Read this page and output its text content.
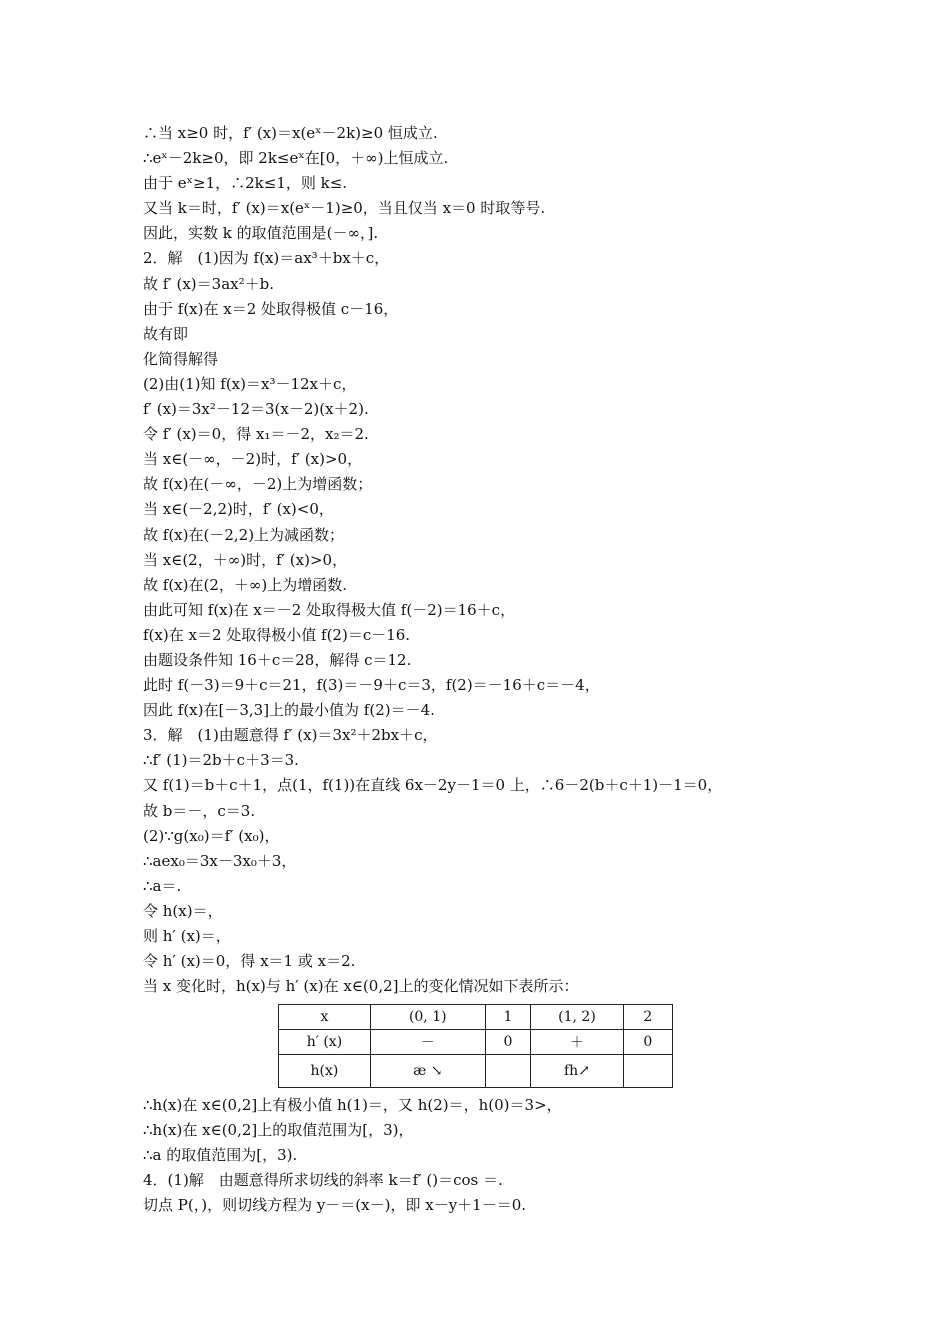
∴当 x≥0 时，f′ (x)＝x(eˣ－2k)≥0 恒成立.
∴eˣ－2k≥0，即 2k≤eˣ在[0，＋∞)上恒成立.
由于 eˣ≥1，∴2k≤1，则 k≤.
又当 k＝时，f′ (x)＝x(eˣ－1)≥0，当且仅当 x＝0 时取等号.
因此，实数 k 的取值范围是(－∞，].
2．解　(1)因为 f(x)＝ax³＋bx＋c，
故 f′ (x)＝3ax²＋b.
由于 f(x)在 x＝2 处取得极值 c－16，
故有即
化简得解得
(2)由(1)知 f(x)＝x³－12x＋c，
f′ (x)＝3x²－12＝3(x－2)(x＋2).
令 f′ (x)＝0，得 x₁＝－2，x₂＝2.
当 x∈(－∞，－2)时，f′ (x)>0，
故 f(x)在(－∞，－2)上为增函数；
当 x∈(－2,2)时，f′ (x)<0，
故 f(x)在(－2,2)上为减函数；
当 x∈(2，＋∞)时，f′ (x)>0，
故 f(x)在(2，＋∞)上为增函数.
由此可知 f(x)在 x＝－2 处取得极大值 f(－2)＝16＋c，
f(x)在 x＝2 处取得极小值 f(2)＝c－16.
由题设条件知 16＋c＝28，解得 c＝12.
此时 f(－3)＝9＋c＝21，f(3)＝－9＋c＝3，f(2)＝－16＋c＝－4，
因此 f(x)在[－3,3]上的最小值为 f(2)＝－4.
3．解　(1)由题意得 f′ (x)＝3x²＋2bx＋c，
∴f′ (1)＝2b＋c＋3＝3.
又 f(1)＝b＋c＋1，点(1，f(1))在直线 6x－2y－1＝0 上，∴6－2(b＋c＋1)－1＝0，
故 b＝－，c＝3.
(2)∵g(x₀)＝f′ (x₀)，
∴aex₀＝3x－3x₀＋3，
∴a＝.
令 h(x)＝，
则 h′ (x)＝，
令 h′ (x)＝0，得 x＝1 或 x＝2.
当 x 变化时，h(x)与 h′ (x)在 x∈(0,2]上的变化情况如下表所示：
x	(0, 1)	1	(1, 2)	2
h′ (x)	－	0	＋	0
h(x)	æ ↘		fh↗	
∴h(x)在 x∈(0,2]上有极小值 h(1)＝，又 h(2)＝，h(0)＝3>，
∴h(x)在 x∈(0,2]上的取值范围为[，3)，
∴a 的取值范围为[，3).
4．(1)解　由题意得所求切线的斜率 k＝f′ ()＝cos ＝.
切点 P(，)，则切线方程为 y－＝(x－)，即 x－y＋1－＝0.
